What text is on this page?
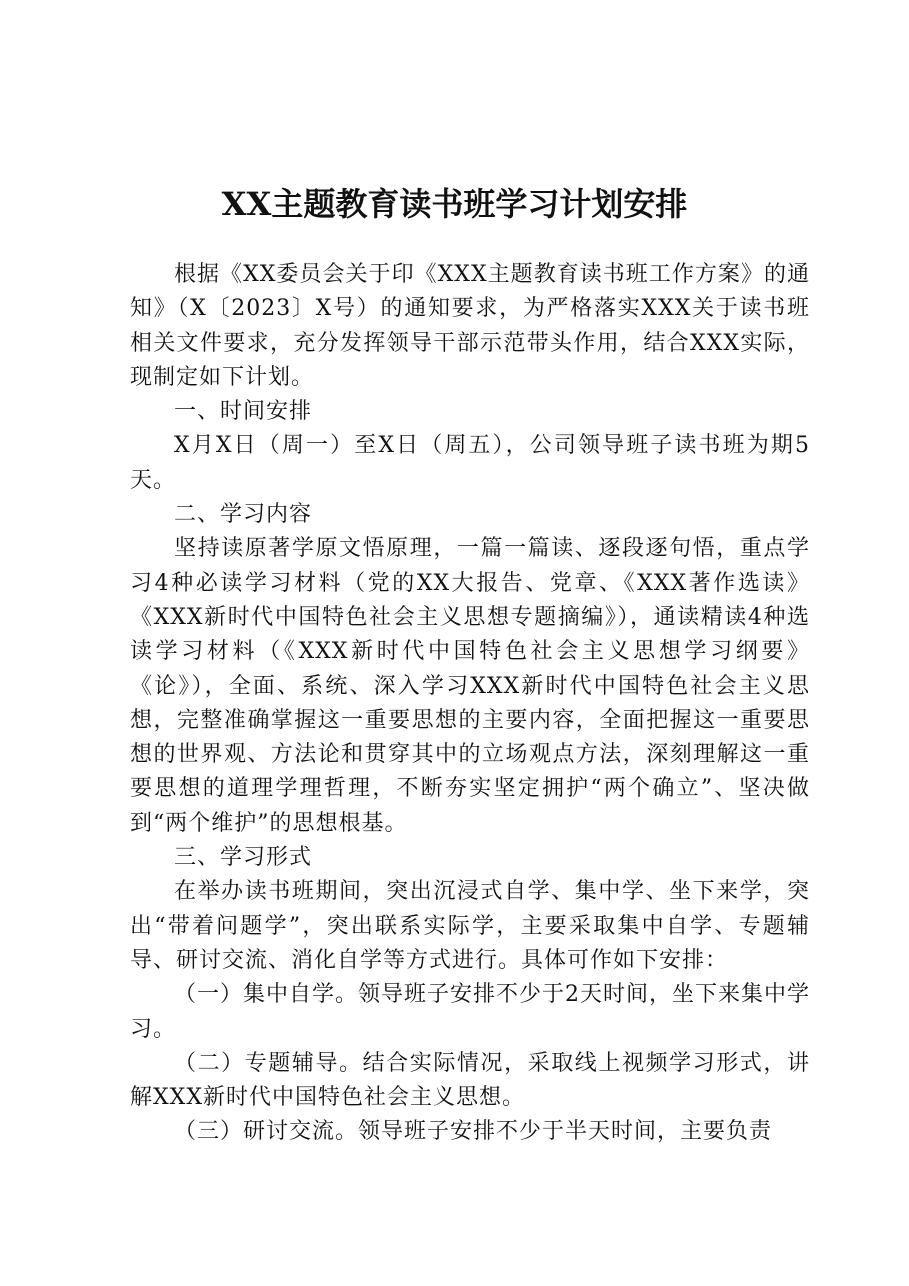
XX主题教育读书班学习计划安排

根据《XX委员会关于印《XXX主题教育读书班工作方案》的通知》（X〔2023〕X号）的通知要求，为严格落实XXX关于读书班相关文件要求，充分发挥领导干部示范带头作用，结合XXX实际，现制定如下计划。

一、时间安排

X月X日（周一）至X日（周五），公司领导班子读书班为期5天。

二、学习内容

坚持读原著学原文悟原理，一篇一篇读、逐段逐句悟，重点学习4种必读学习材料（党的XX大报告、党章、《XXX著作选读》《XXX新时代中国特色社会主义思想专题摘编》），通读精读4种选读学习材料（《XXX新时代中国特色社会主义思想学习纲要》《论》），全面、系统、深入学习XXX新时代中国特色社会主义思想，完整准确掌握这一重要思想的主要内容，全面把握这一重要思想的世界观、方法论和贯穿其中的立场观点方法，深刻理解这一重要思想的道理学理哲理，不断夯实坚定拥护“两个确立”、坚决做到“两个维护”的思想根基。

三、学习形式

在举办读书班期间，突出沉浸式自学、集中学、坐下来学，突出“带着问题学”，突出联系实际学，主要采取集中自学、专题辅导、研讨交流、消化自学等方式进行。具体可作如下安排：

（一）集中自学。领导班子安排不少于2天时间，坐下来集中学习。

（二）专题辅导。结合实际情况，采取线上视频学习形式，讲解XXX新时代中国特色社会主义思想。

（三）研讨交流。领导班子安排不少于半天时间，主要负责
